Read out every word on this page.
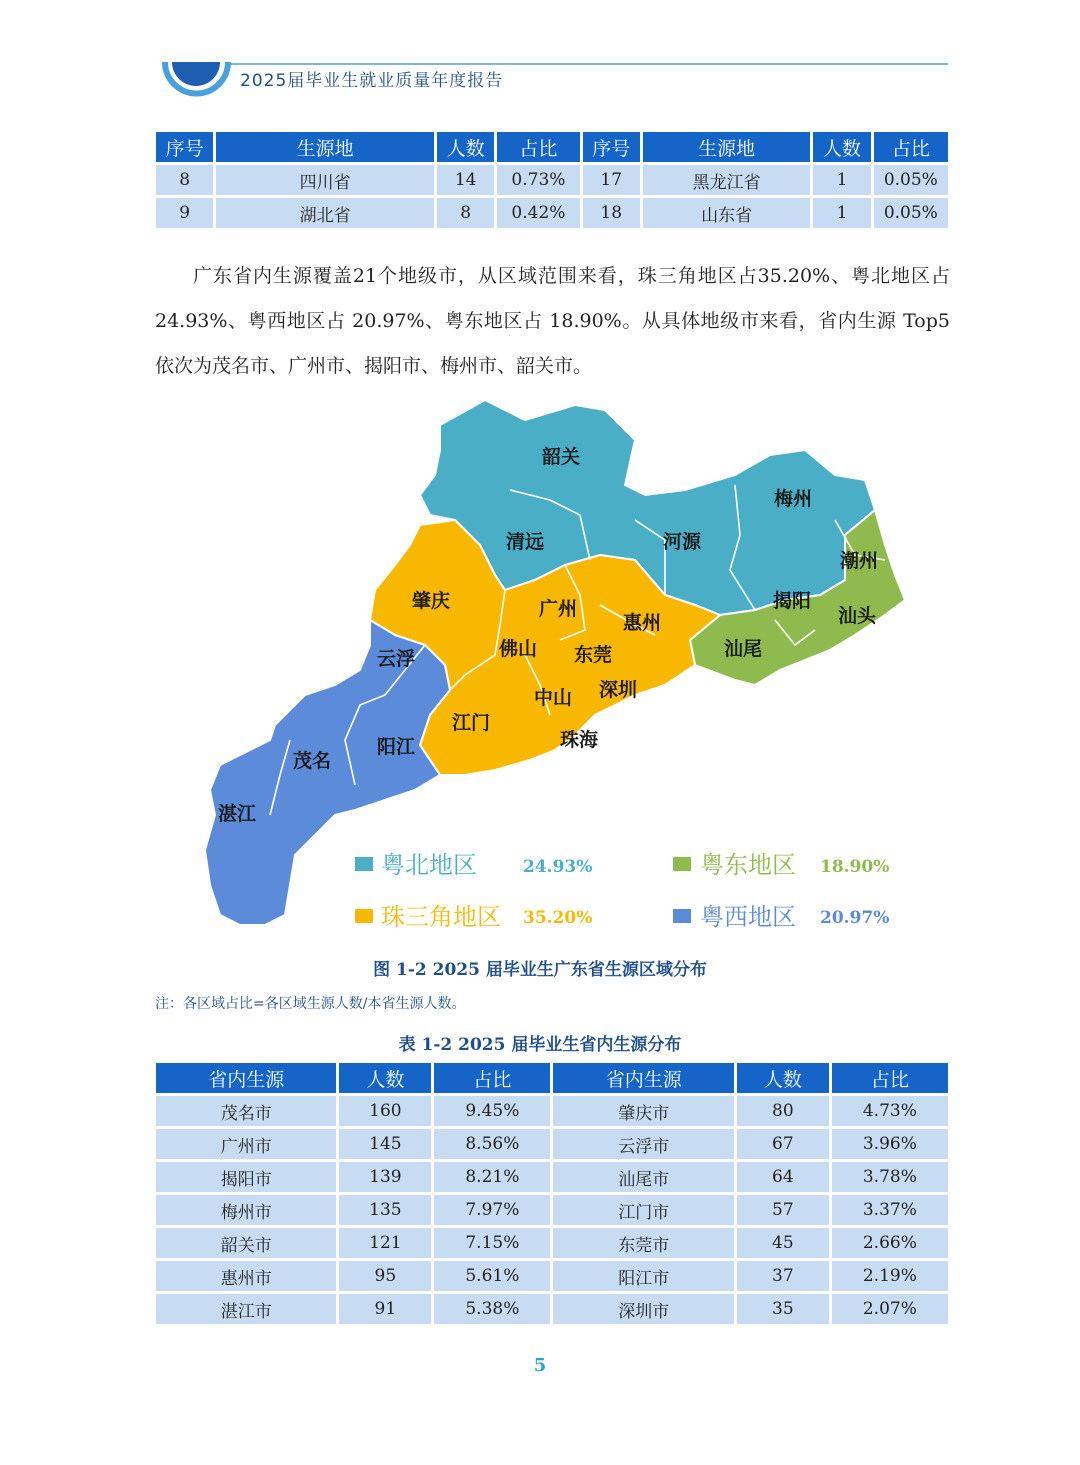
2025届毕业生就业质量年度报告
序号	生源地	人数	占比	序号	生源地	人数	占比
8	四川省	14	0.73%	17	黑龙江省	1	0.05%
9	湖北省	8	0.42%	18	山东省	1	0.05%
广东省内生源覆盖21个地级市，从区域范围来看，珠三角地区占35.20%、粤北地区占 24.93%、粤西地区占 20.97%、粤东地区占 18.90%。从具体地级市来看，省内生源 Top5 依次为茂名市、广州市、揭阳市、梅州市、韶关市。
韶关
梅州
清远	河源
潮州
肇庆	揭阳
广州	汕头
惠州
云浮	佛山	汕尾
东莞
深圳
中山
江门
珠海
茂名
阳江
湛江
粤北地区	24.93%	粤东地区 18.90%
珠三角地区 35.20%	粤西地区 20.97%
图 1-2 2025 届毕业生广东省生源区域分布
注：各区域占比=各区域生源人数/本省生源人数。
表 1-2 2025 届毕业生省内生源分布
省内生源	人数	占比	省内生源	人数	占比
茂名市	160	9.45%	肇庆市	80	4.73%
广州市	145	8.56%	云浮市	67	3.96%
揭阳市	139	8.21%	汕尾市	64	3.78%
梅州市	135	7.97%	江门市	57	3.37%
韶关市	121	7.15%	东莞市	45	2.66%
惠州市	95	5.61%	阳江市	37	2.19%
湛江市	91	5.38%	深圳市	35	2.07%
5
